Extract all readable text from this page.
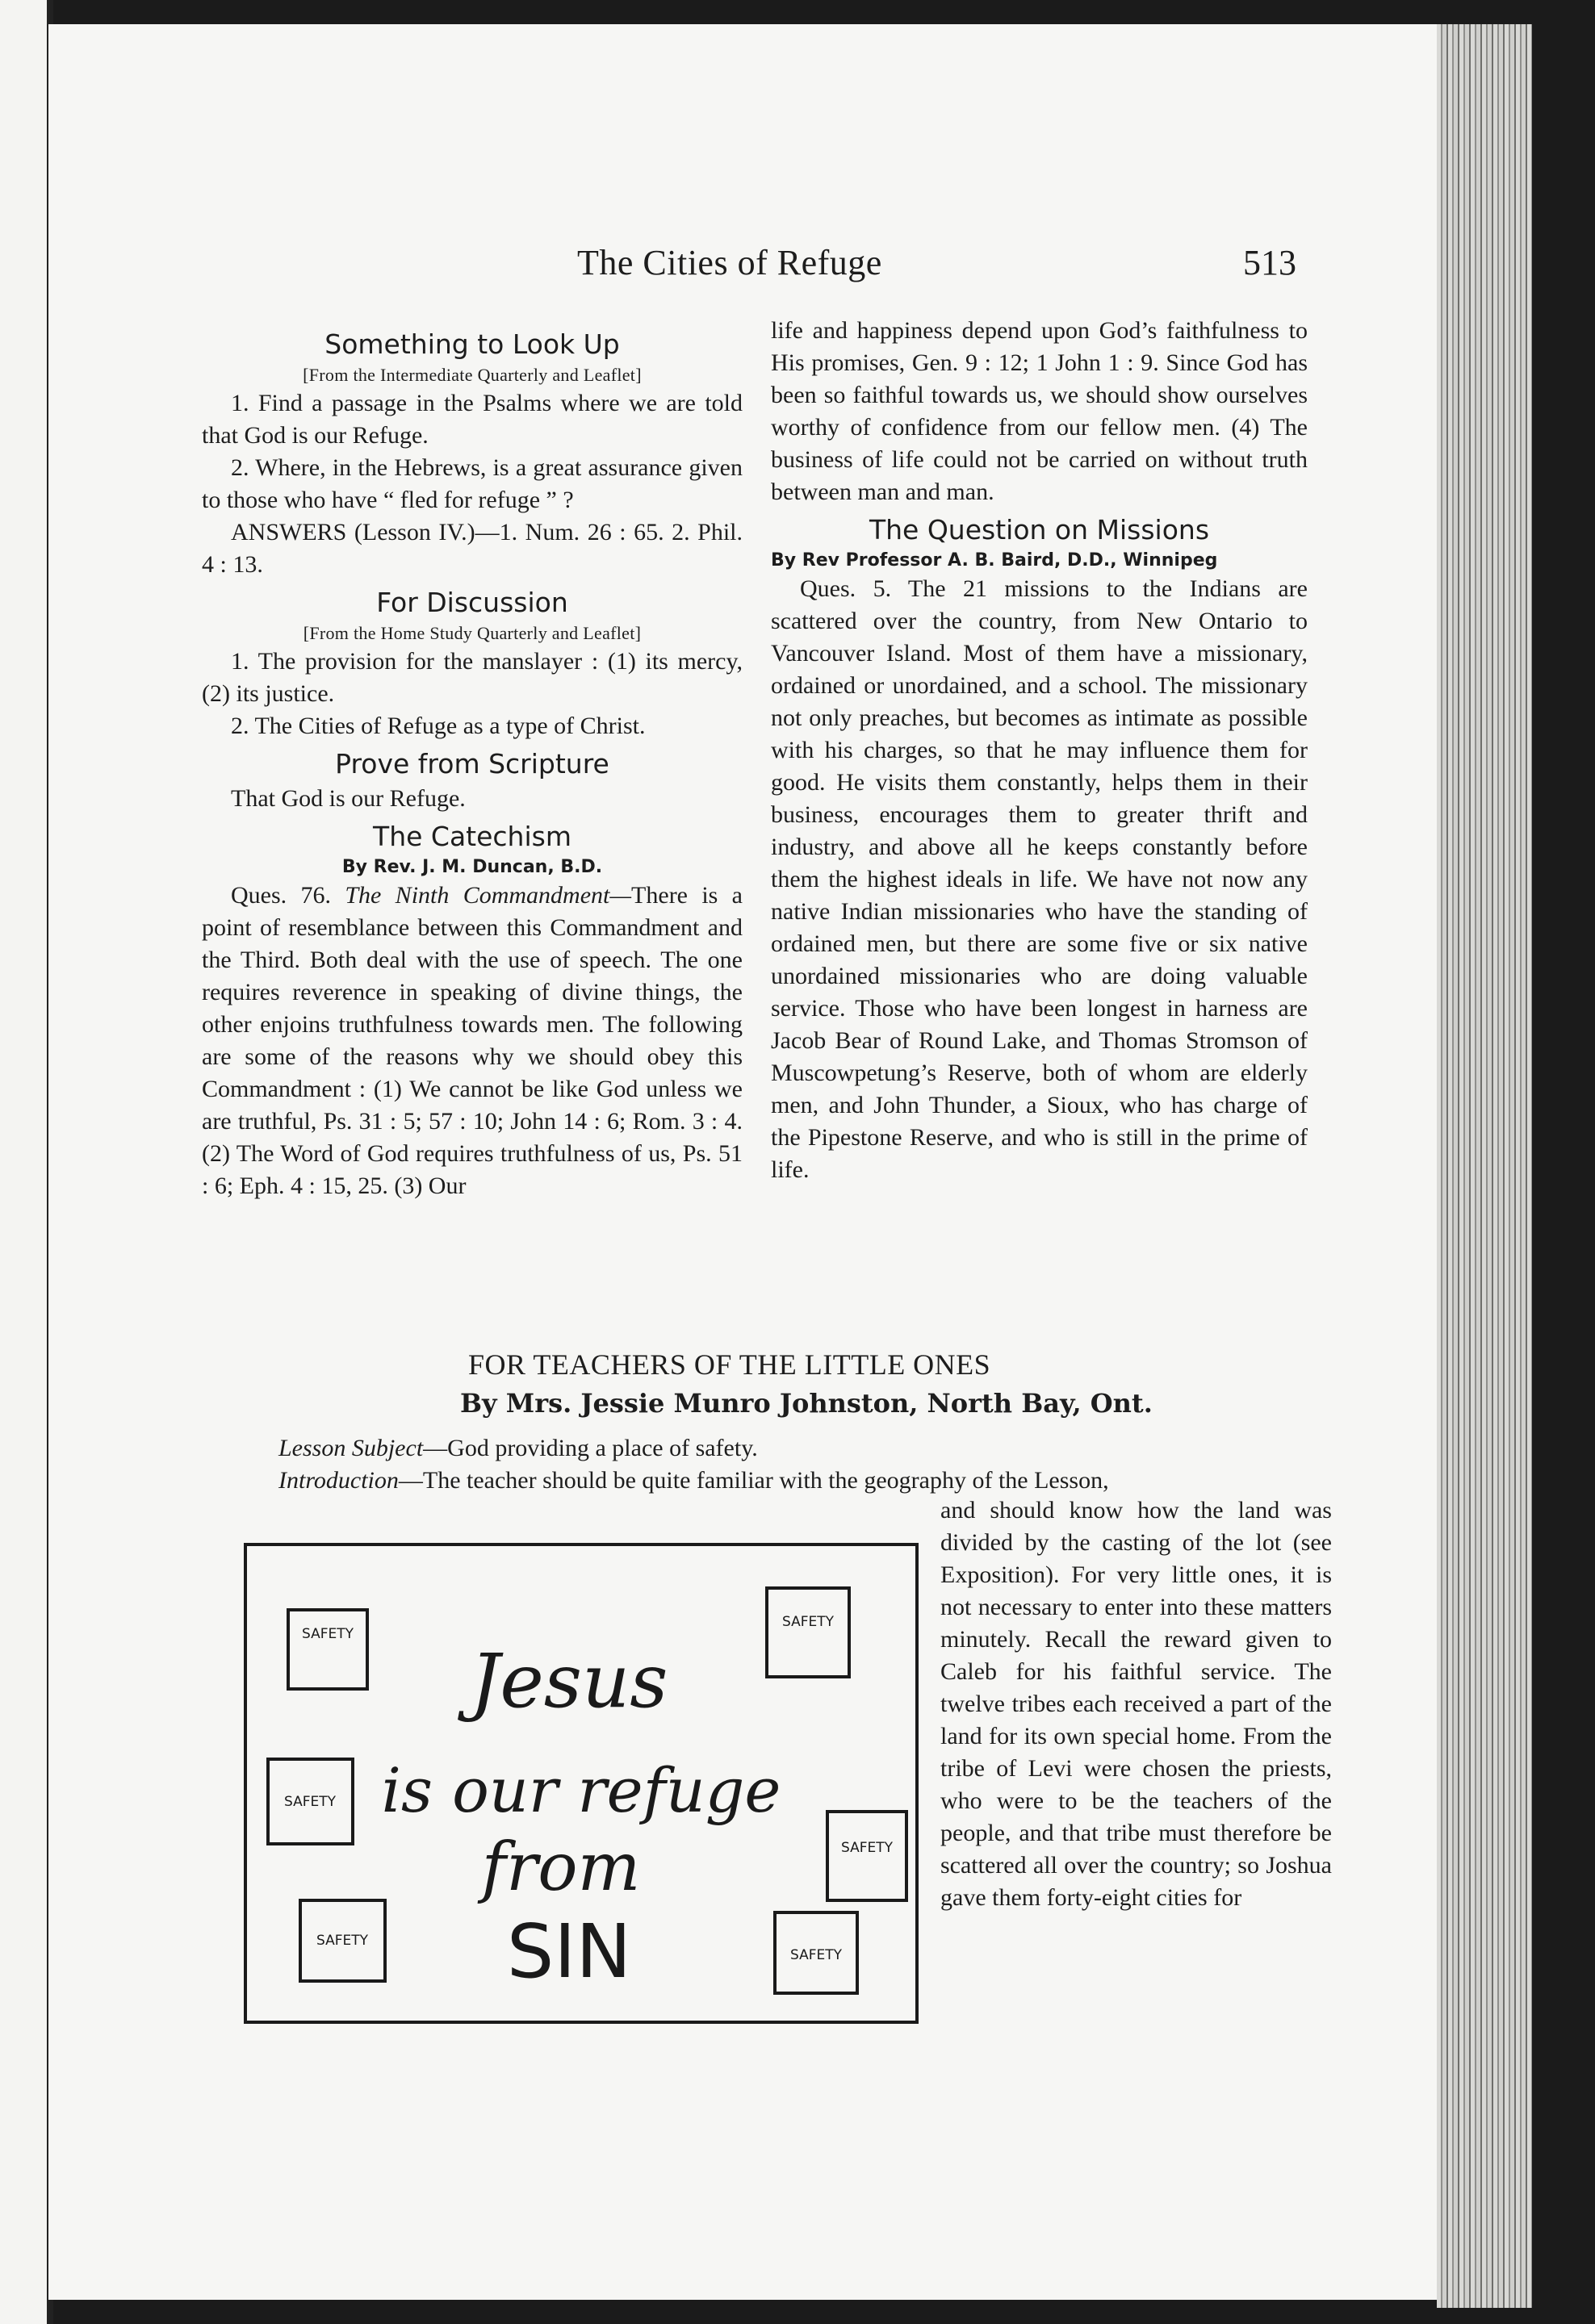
The Cities of Refuge	513
Something to Look Up
[From the Intermediate Quarterly and Leaflet]

1. Find a passage in the Psalms where we are told that God is our Refuge.

2. Where, in the Hebrews, is a great assurance given to those who have “ fled for refuge ” ?

ANSWERS (Lesson IV.)—1. Num. 26 : 65. 2. Phil. 4 : 13.

For Discussion
[From the Home Study Quarterly and Leaflet]

1. The provision for the manslayer : (1) its mercy, (2) its justice.

2. The Cities of Refuge as a type of Christ.

Prove from Scripture

That God is our Refuge.

The Catechism
By Rev. J. M. Duncan, B.D.

Ques. 76. The Ninth Commandment—There is a point of resemblance between this Commandment and the Third. Both deal with the use of speech. The one requires reverence in speaking of divine things, the other enjoins truthfulness towards men. The following are some of the reasons why we should obey this Commandment : (1) We cannot be like God unless we are truthful, Ps. 31 : 5; 57 : 10; John 14 : 6; Rom. 3 : 4. (2) The Word of God requires truthfulness of us, Ps. 51 : 6; Eph. 4 : 15, 25. (3) Our

life and happiness depend upon God’s faithfulness to His promises, Gen. 9 : 12; 1 John 1 : 9. Since God has been so faithful towards us, we should show ourselves worthy of confidence from our fellow men. (4) The business of life could not be carried on without truth between man and man.

The Question on Missions
By Rev Professor A. B. Baird, D.D., Winnipeg

Ques. 5. The 21 missions to the Indians are scattered over the country, from New Ontario to Vancouver Island. Most of them have a missionary, ordained or unordained, and a school. The missionary not only preaches, but becomes as intimate as possible with his charges, so that he may influence them for good. He visits them constantly, helps them in their business, encourages them to greater thrift and industry, and above all he keeps constantly before them the highest ideals in life. We have not now any native Indian missionaries who have the standing of ordained men, but there are some five or six native unordained missionaries who are doing valuable service. Those who have been longest in harness are Jacob Bear of Round Lake, and Thomas Stromson of Muscowpetung’s Reserve, both of whom are elderly men, and John Thunder, a Sioux, who has charge of the Pipestone Reserve, and who is still in the prime of life.

FOR TEACHERS OF THE LITTLE ONES
By Mrs. Jessie Munro Johnston, North Bay, Ont.
Lesson Subject—God providing a place of safety.
Introduction—The teacher should be quite familiar with the geography of the Lesson,
and should know how the land was divided by the casting of the lot (see Exposition). For very little ones, it is not necessary to enter into these matters minutely. Recall the reward given to Caleb for his faithful service. The twelve tribes each received a part of the land for its own special home. From the tribe of Levi were chosen the priests, who were to be the teachers of the people, and that tribe must therefore be scattered all over the country; so Joshua gave them forty-eight cities for
SAFETY
SAFETY
SAFETY
SAFETY
SAFETY
SAFETY
Jesus
is our refuge
from
SIN
